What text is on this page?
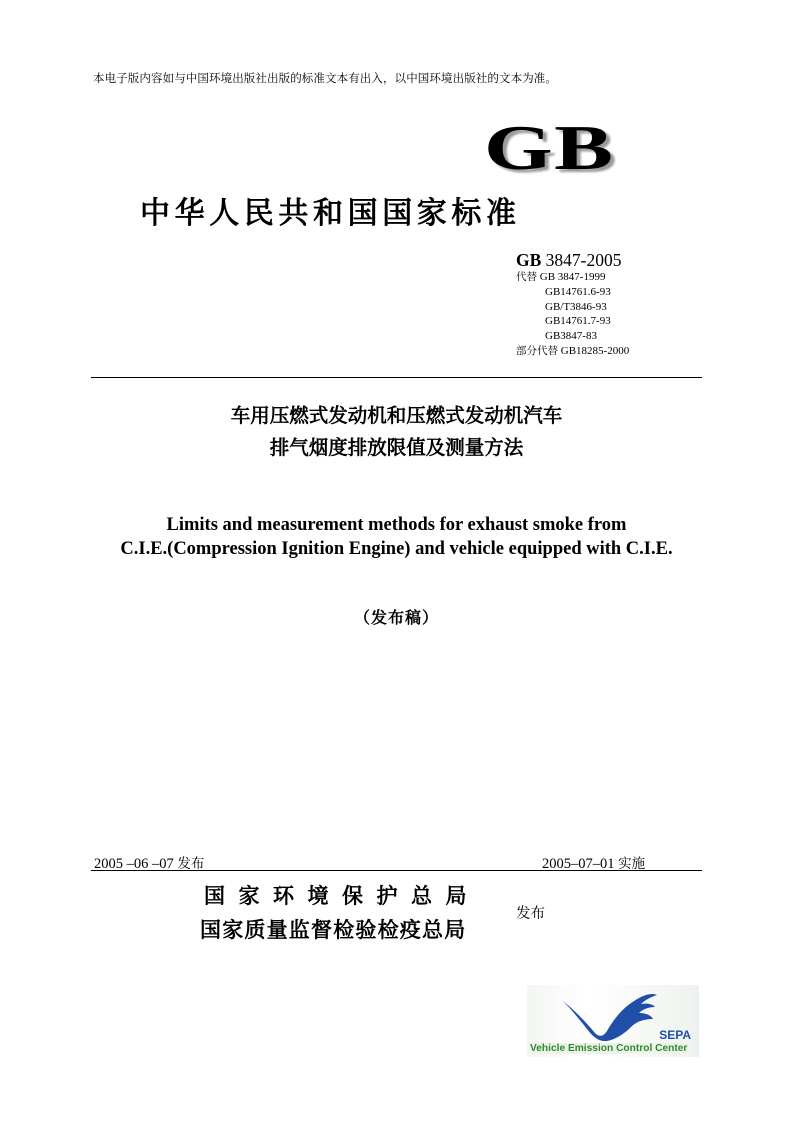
本电子版内容如与中国环境出版社出版的标准文本有出入，以中国环境出版社的文本为准。
GB
中华人民共和国国家标准
GB 3847-2005
代替 GB 3847-1999
GB14761.6-93
GB/T3846-93
GB14761.7-93
GB3847-83
部分代替 GB18285-2000
车用压燃式发动机和压燃式发动机汽车
排气烟度排放限值及测量方法
Limits and measurement methods for exhaust smoke from
C.I.E.(Compression Ignition Engine) and vehicle equipped with C.I.E.
（发布稿）
2005 –06 –07 发布	2005–07–01 实施
国家环境保护总局
国家质量监督检验检疫总局
发布
SEPA
Vehicle Emission Control Center
